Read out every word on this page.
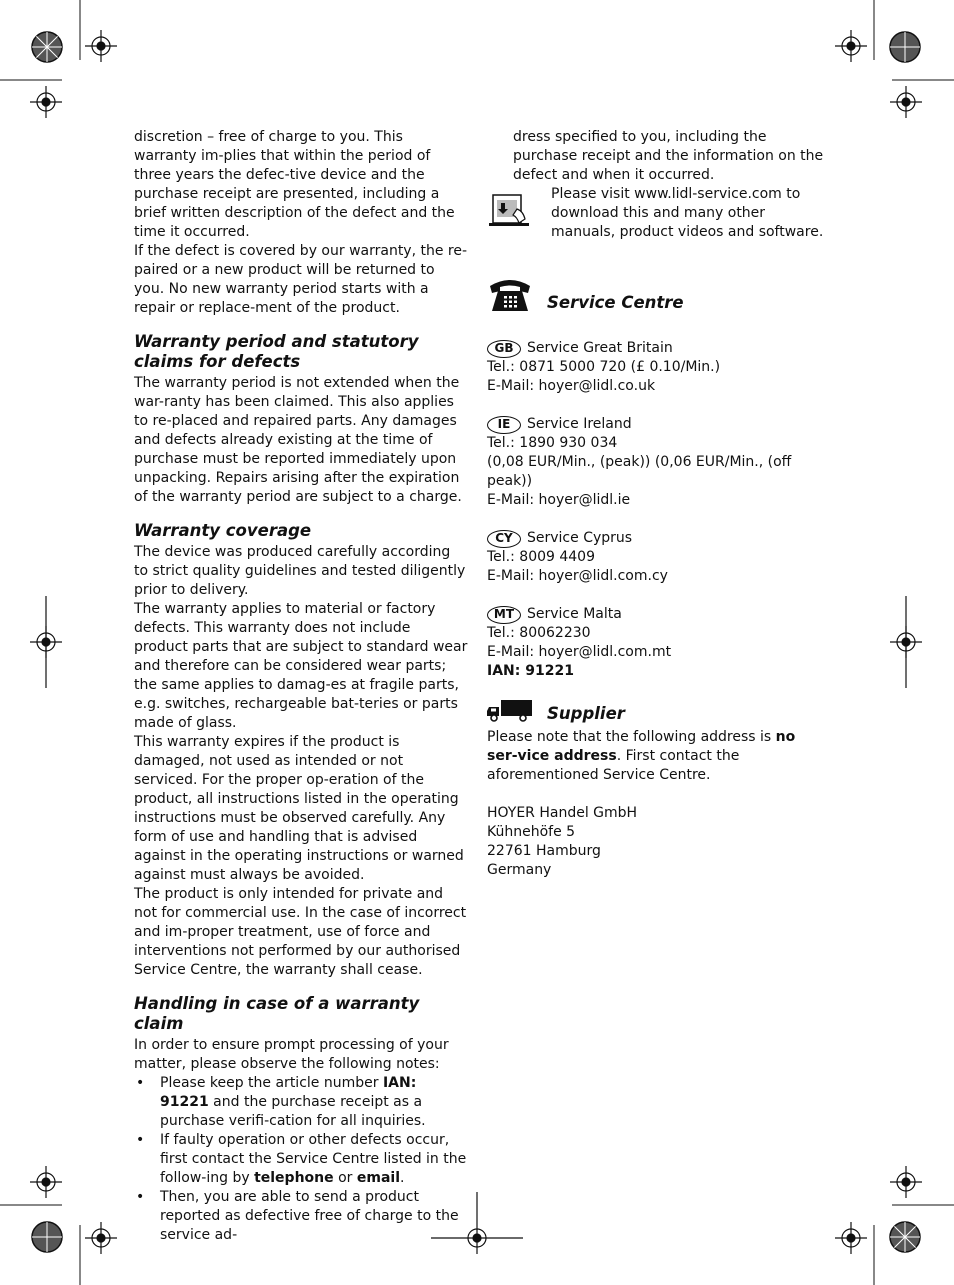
discretion – free of charge to you. This warranty im-plies that within the period of three years the defec-tive device and the purchase receipt are presented, including a brief written description of the defect and the time it occurred.

If the defect is covered by our warranty, the re-paired or a new product will be returned to you. No new warranty period starts with a repair or replace-ment of the product.

Warranty period and statutory claims for defects

The warranty period is not extended when the war-ranty has been claimed. This also applies to re-placed and repaired parts. Any damages and defects already existing at the time of purchase must be reported immediately upon unpacking. Repairs arising after the expiration of the warranty period are subject to a charge.

Warranty coverage

The device was produced carefully according to strict quality guidelines and tested diligently prior to delivery.

The warranty applies to material or factory defects. This warranty does not include product parts that are subject to standard wear and therefore can be considered wear parts; the same applies to damag-es at fragile parts, e.g. switches, rechargeable bat-teries or parts made of glass.

This warranty expires if the product is damaged, not used as intended or not serviced. For the proper op-eration of the product, all instructions listed in the operating instructions must be observed carefully. Any form of use and handling that is advised against in the operating instructions or warned against must always be avoided.

The product is only intended for private and not for commercial use. In the case of incorrect and im-proper treatment, use of force and interventions not performed by our authorised Service Centre, the warranty shall cease.

Handling in case of a warranty claim

In order to ensure prompt processing of your matter, please observe the following notes:

• Please keep the article number IAN: 91221 and the purchase receipt as a purchase verifi-cation for all inquiries.
• If faulty operation or other defects occur, first contact the Service Centre listed in the follow-ing by telephone or email.
• Then, you are able to send a product reported as defective free of charge to the service ad-

dress specified to you, including the purchase receipt and the information on the defect and when it occurred.

Please visit www.lidl-service.com to download this and many other manuals, product videos and software.

Service Centre
GB Service Great Britain

Tel.: 0871 5000 720 (£ 0.10/Min.)

E-Mail: hoyer@lidl.co.uk

IE	Service Ireland

Tel.: 1890 930 034

(0,08 EUR/Min., (peak)) (0,06 EUR/Min., (off peak))

E-Mail: hoyer@lidl.ie

CY	Service Cyprus

Tel.: 8009 4409

E-Mail: hoyer@lidl.com.cy

MT Service Malta

Tel.: 80062230

E-Mail: hoyer@lidl.com.mt

IAN: 91221

Supplier

Please note that the following address is no ser-vice address. First contact the aforementioned Service Centre.

HOYER Handel GmbH

Kühnehöfe 5

22761 Hamburg

Germany
